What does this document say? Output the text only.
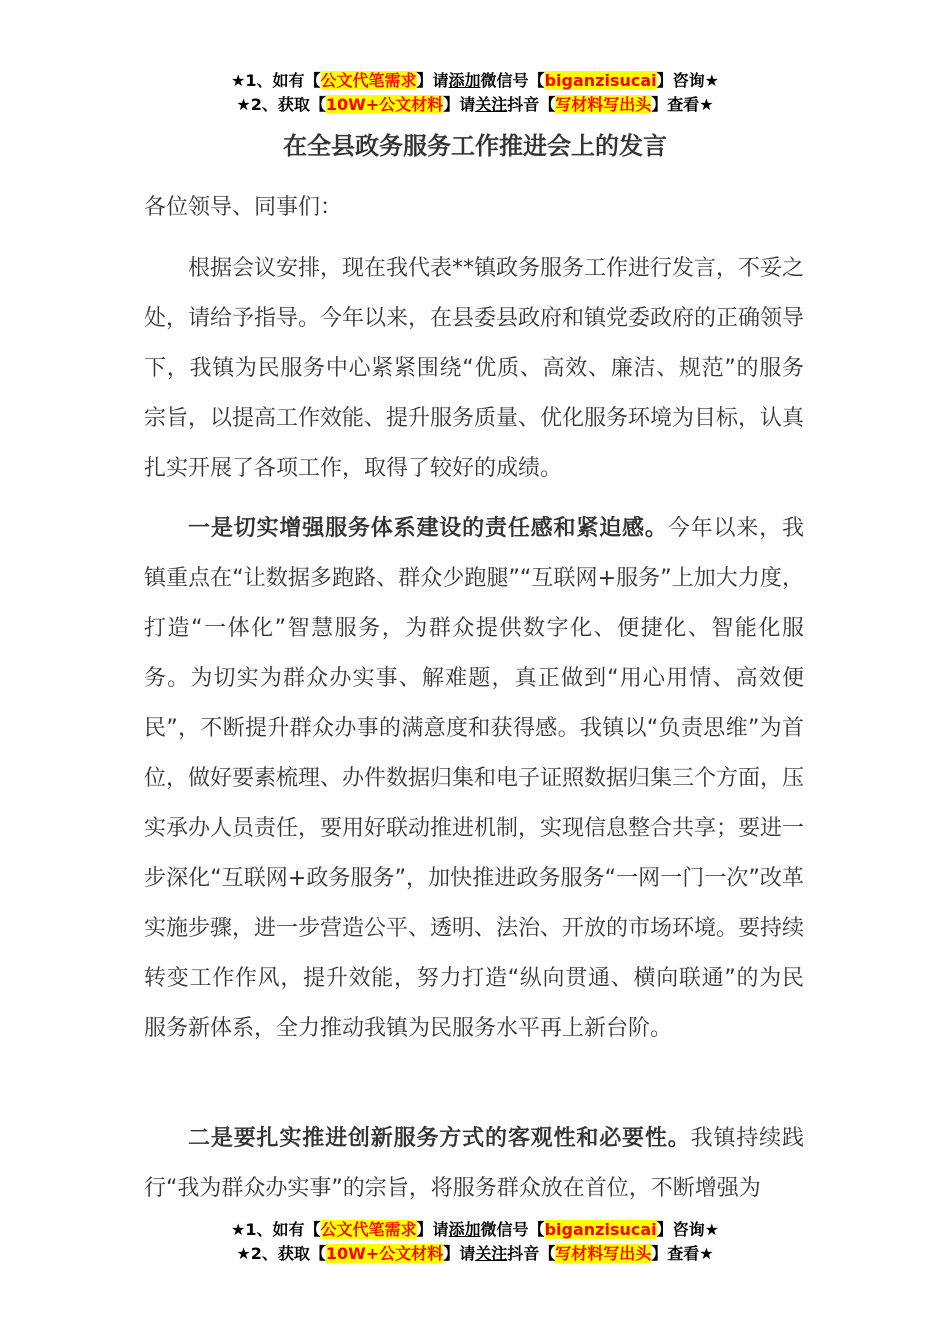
★1、如有【公文代笔需求】请添加微信号【biganzisucai】咨询★
★2、获取【10W+公文材料】请关注抖音【写材料写出头】查看★
在全县政务服务工作推进会上的发言

各位领导、同事们：

根据会议安排，现在我代表**镇政务服务工作进行发言，不妥之处，请给予指导。今年以来，在县委县政府和镇党委政府的正确领导下，我镇为民服务中心紧紧围绕“优质、高效、廉洁、规范”的服务宗旨，以提高工作效能、提升服务质量、优化服务环境为目标，认真扎实开展了各项工作，取得了较好的成绩。

一是切实增强服务体系建设的责任感和紧迫感。今年以来，我镇重点在“让数据多跑路、群众少跑腿”“互联网+服务”上加大力度，打造“一体化”智慧服务，为群众提供数字化、便捷化、智能化服务。为切实为群众办实事、解难题，真正做到“用心用情、高效便民”，不断提升群众办事的满意度和获得感。我镇以“负责思维”为首位，做好要素梳理、办件数据归集和电子证照数据归集三个方面，压实承办人员责任，要用好联动推进机制，实现信息整合共享；要进一步深化“互联网+政务服务”，加快推进政务服务“一网一门一次”改革实施步骤，进一步营造公平、透明、法治、开放的市场环境。要持续转变工作作风，提升效能，努力打造“纵向贯通、横向联通”的为民服务新体系，全力推动我镇为民服务水平再上新台阶。

二是要扎实推进创新服务方式的客观性和必要性。我镇持续践行“我为群众办实事”的宗旨，将服务群众放在首位，不断增强为

★1、如有【公文代笔需求】请添加微信号【biganzisucai】咨询★
★2、获取【10W+公文材料】请关注抖音【写材料写出头】查看★
